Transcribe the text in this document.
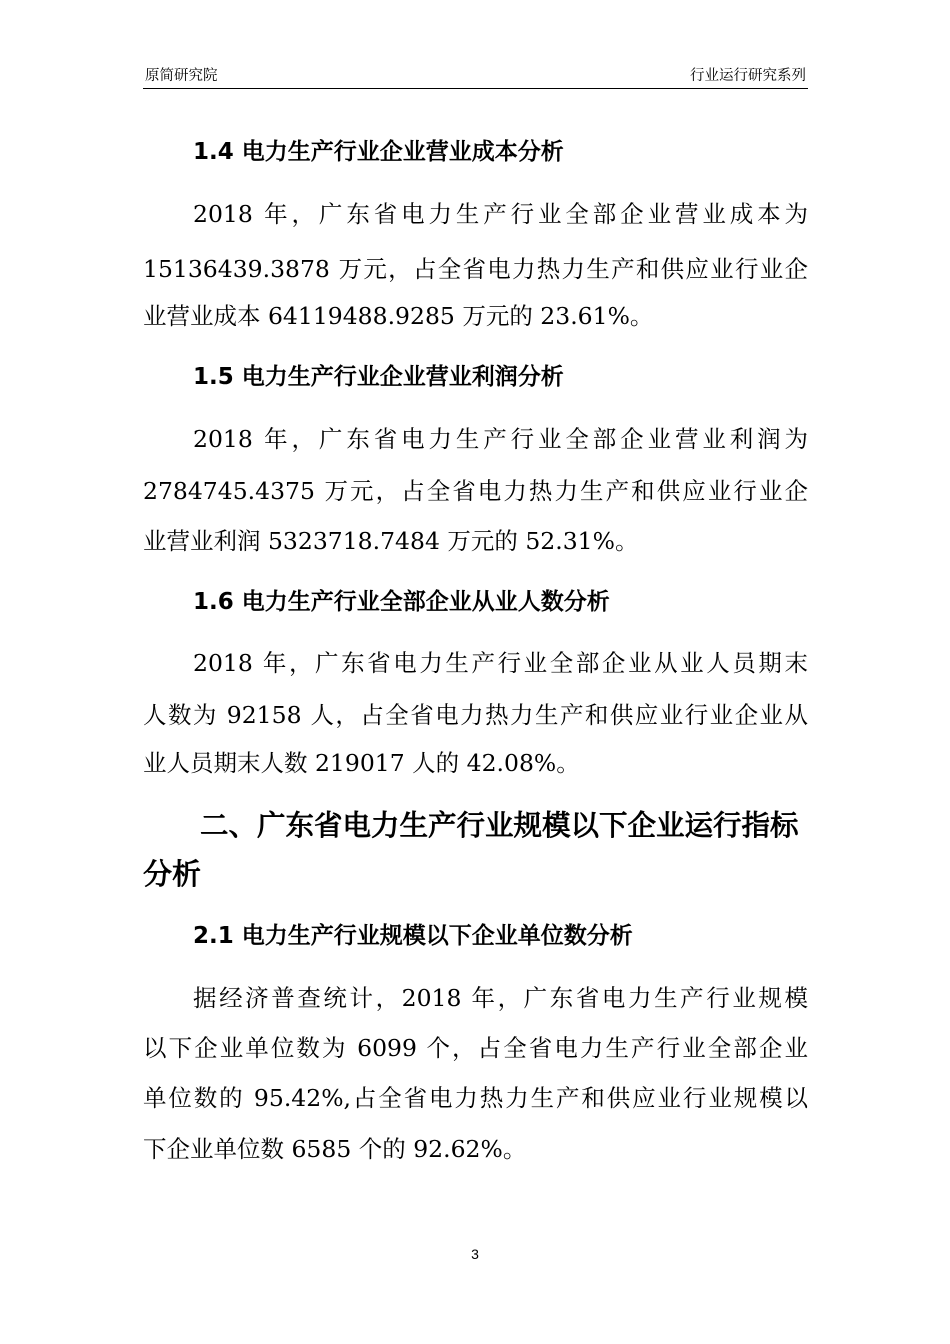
原简研究院	行业运行研究系列
1.4 电力生产行业企业营业成本分析
2018 年，广东省电力生产行业全部企业营业成本为
15136439.3878 万元，占全省电力热力生产和供应业行业企
业营业成本 64119488.9285 万元的 23.61%。
1.5 电力生产行业企业营业利润分析
2018 年，广东省电力生产行业全部企业营业利润为
2784745.4375 万元，占全省电力热力生产和供应业行业企
业营业利润 5323718.7484 万元的 52.31%。
1.6 电力生产行业全部企业从业人数分析
2018 年，广东省电力生产行业全部企业从业人员期末
人数为 92158 人，占全省电力热力生产和供应业行业企业从
业人员期末人数 219017 人的 42.08%。
二、广东省电力生产行业规模以下企业运行指标
分析
2.1 电力生产行业规模以下企业单位数分析
据经济普查统计，2018 年，广东省电力生产行业规模
以下企业单位数为 6099 个，占全省电力生产行业全部企业
单位数的 95.42%,占全省电力热力生产和供应业行业规模以
下企业单位数 6585 个的 92.62%。
3
